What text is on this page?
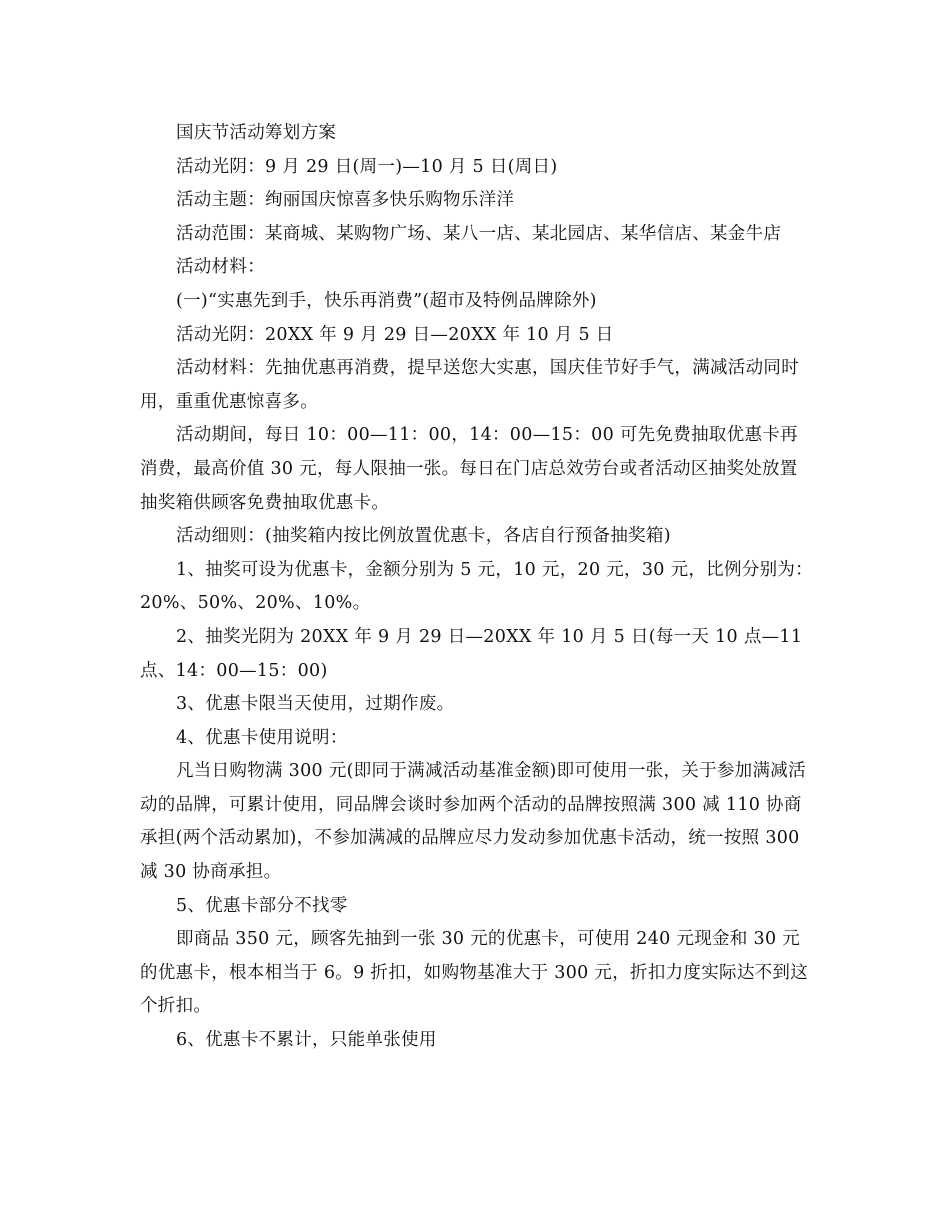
国庆节活动筹划方案

活动光阴：9 月 29 日(周一)—10 月 5 日(周日)

活动主题：绚丽国庆惊喜多快乐购物乐洋洋

活动范围：某商城、某购物广场、某八一店、某北园店、某华信店、某金牛店

活动材料：

(一)“实惠先到手，快乐再消费”(超市及特例品牌除外)

活动光阴：20XX 年 9 月 29 日—20XX 年 10 月 5 日

活动材料：先抽优惠再消费，提早送您大实惠，国庆佳节好手气，满减活动同时用，重重优惠惊喜多。

活动期间，每日 10：00—11：00，14：00—15：00 可先免费抽取优惠卡再消费，最高价值 30 元，每人限抽一张。每日在门店总效劳台或者活动区抽奖处放置抽奖箱供顾客免费抽取优惠卡。

活动细则：(抽奖箱内按比例放置优惠卡，各店自行预备抽奖箱)

1、抽奖可设为优惠卡，金额分别为 5 元，10 元，20 元，30 元，比例分别为：20%、50%、20%、10%。

2、抽奖光阴为 20XX 年 9 月 29 日—20XX 年 10 月 5 日(每一天 10 点—11 点、14：00—15：00)

3、优惠卡限当天使用，过期作废。

4、优惠卡使用说明：

凡当日购物满 300 元(即同于满减活动基准金额)即可使用一张，关于参加满减活动的品牌，可累计使用，同品牌会谈时参加两个活动的品牌按照满 300 减 110 协商承担(两个活动累加)，不参加满减的品牌应尽力发动参加优惠卡活动，统一按照 300 减 30 协商承担。

5、优惠卡部分不找零

即商品 350 元，顾客先抽到一张 30 元的优惠卡，可使用 240 元现金和 30 元的优惠卡，根本相当于 6。9 折扣，如购物基准大于 300 元，折扣力度实际达不到这个折扣。

6、优惠卡不累计，只能单张使用
